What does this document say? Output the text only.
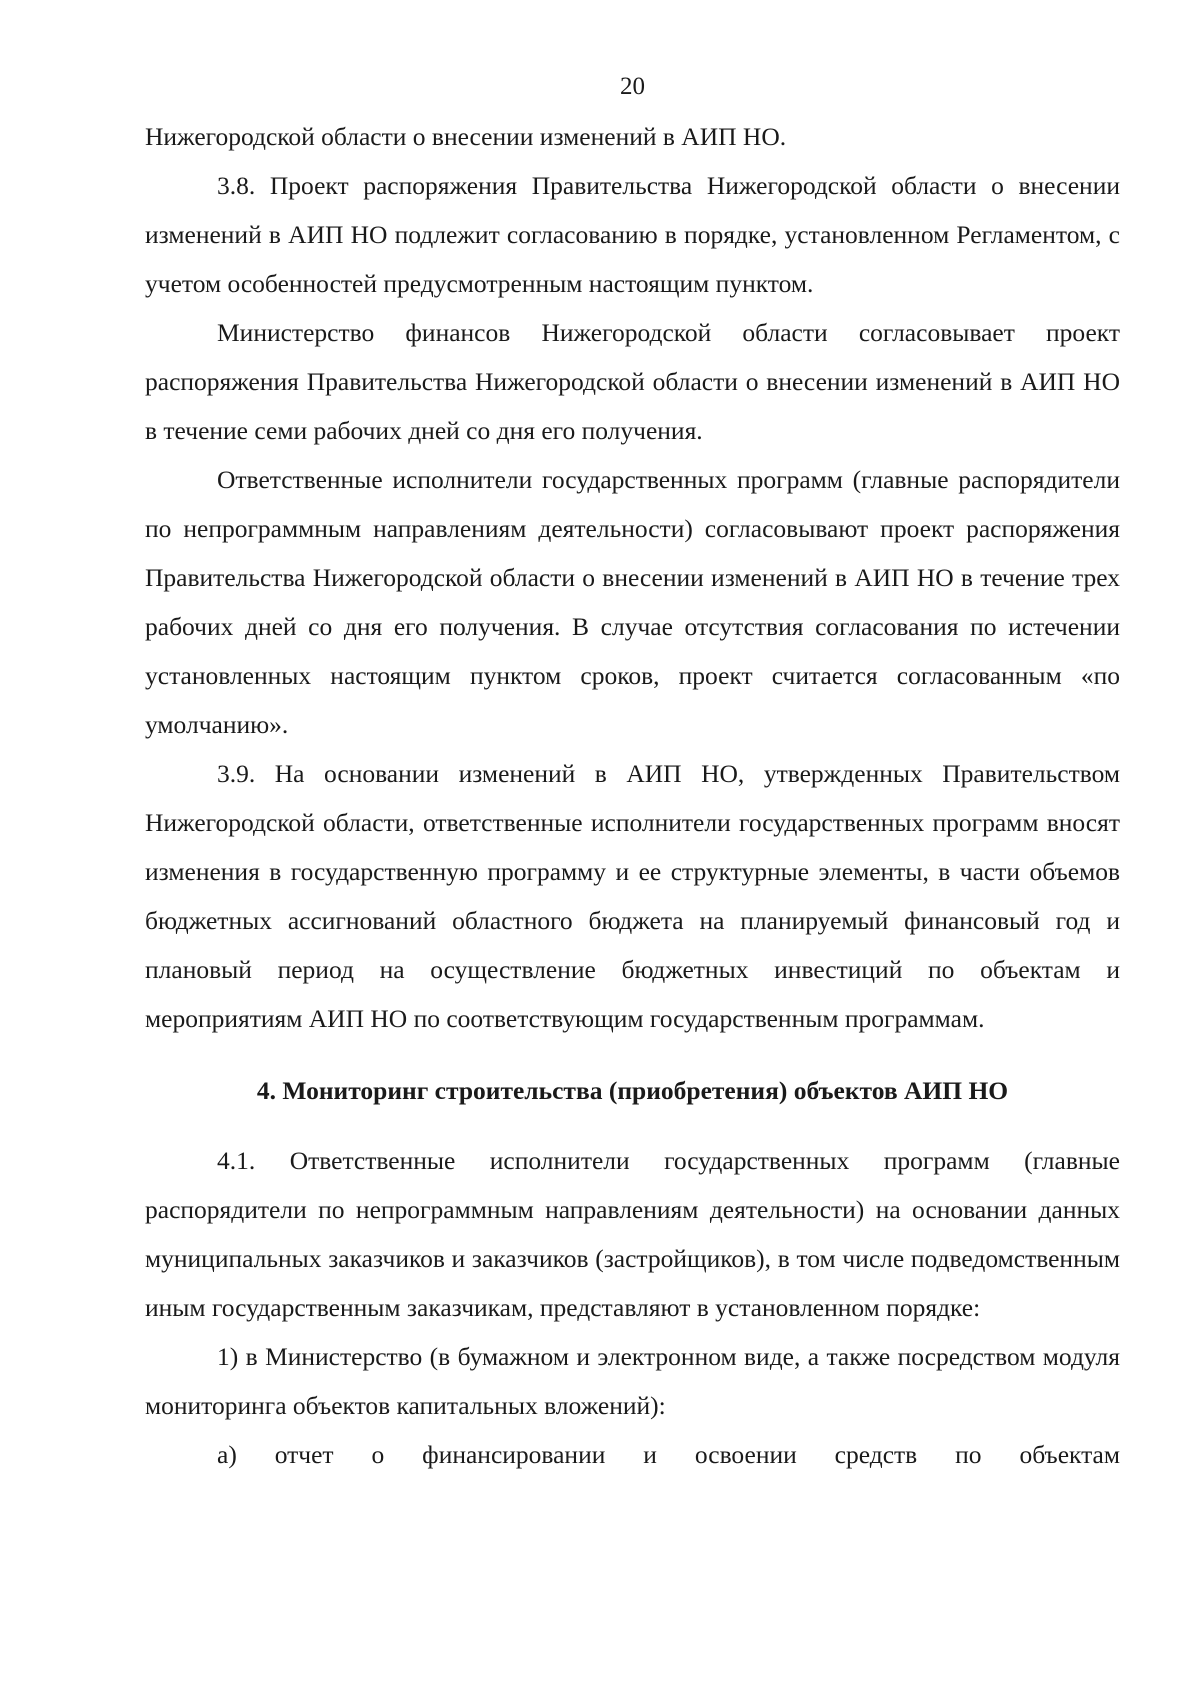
20

Нижегородской области о внесении изменений в АИП НО.

3.8. Проект распоряжения Правительства Нижегородской области о внесении изменений в АИП НО подлежит согласованию в порядке, установленном Регламентом, с учетом особенностей предусмотренным настоящим пунктом.

Министерство финансов Нижегородской области согласовывает проект распоряжения Правительства Нижегородской области о внесении изменений в АИП НО в течение семи рабочих дней со дня его получения.

Ответственные исполнители государственных программ (главные распорядители по непрограммным направлениям деятельности) согласовывают проект распоряжения Правительства Нижегородской области о внесении изменений в АИП НО в течение трех рабочих дней со дня его получения. В случае отсутствия согласования по истечении установленных настоящим пунктом сроков, проект считается согласованным «по умолчанию».

3.9. На основании изменений в АИП НО, утвержденных Правительством Нижегородской области, ответственные исполнители государственных программ вносят изменения в государственную программу и ее структурные элементы, в части объемов бюджетных ассигнований областного бюджета на планируемый финансовый год и плановый период на осуществление бюджетных инвестиций по объектам и мероприятиям АИП НО по соответствующим государственным программам.

4. Мониторинг строительства (приобретения) объектов АИП НО

4.1. Ответственные исполнители государственных программ (главные распорядители по непрограммным направлениям деятельности) на основании данных муниципальных заказчиков и заказчиков (застройщиков), в том числе подведомственным иным государственным заказчикам, представляют в установленном порядке:

1) в Министерство (в бумажном и электронном виде, а также посредством модуля мониторинга объектов капитальных вложений):

а) отчет о финансировании и освоении средств по объектам
